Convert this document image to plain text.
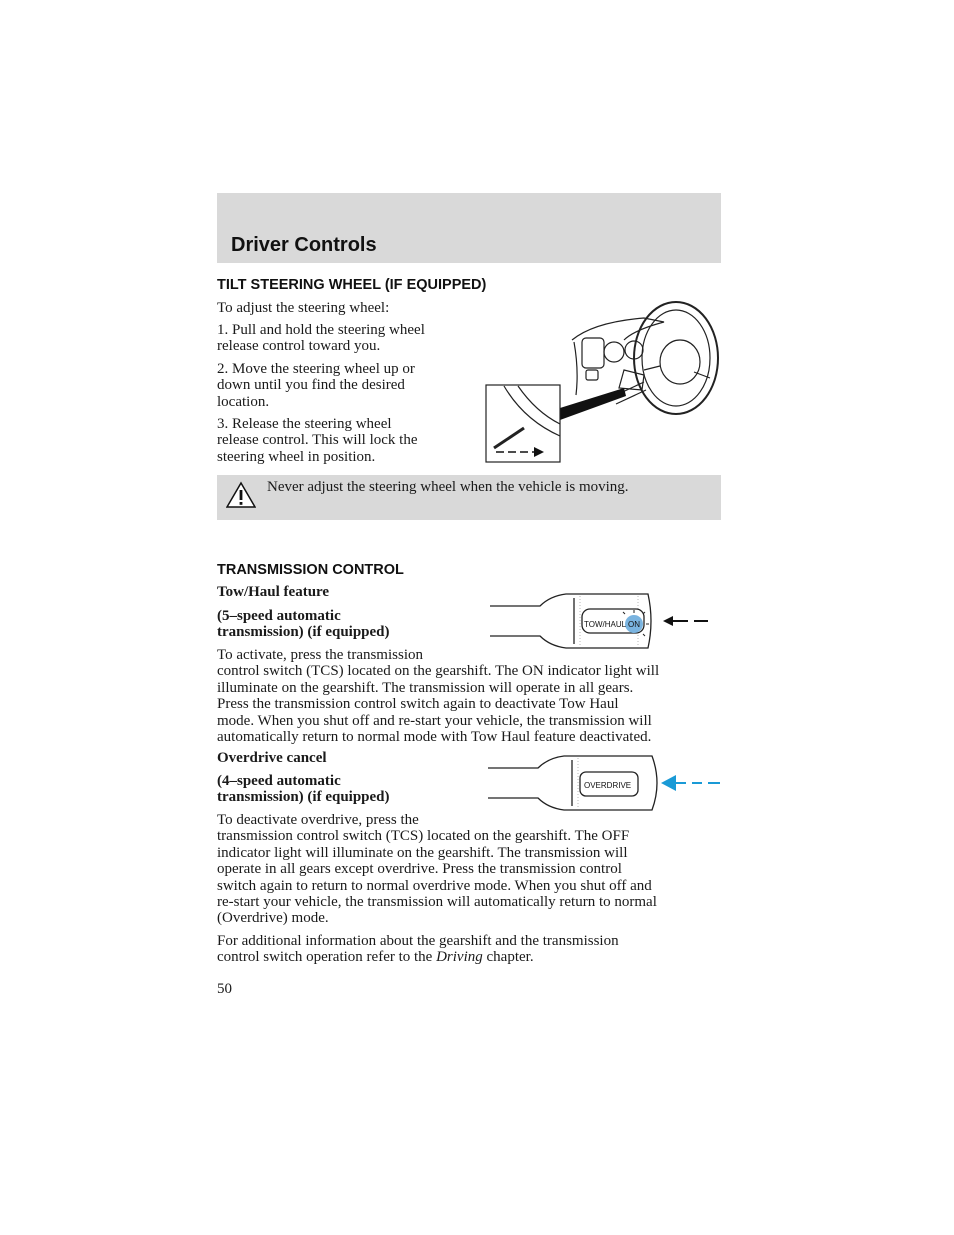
Driver Controls
TILT STEERING WHEEL (IF EQUIPPED)

To adjust the steering wheel:

1. Pull and hold the steering wheel
release control toward you.

2. Move the steering wheel up or
down until you find the desired
location.

3. Release the steering wheel
release control. This will lock the
steering wheel in position.

Never adjust the steering wheel when the vehicle is moving.

TRANSMISSION CONTROL

Tow/Haul feature

(5–speed automatic
transmission) (if equipped)	TOW/HAUL ON

To activate, press the transmission
control switch (TCS) located on the gearshift. The ON indicator light will
illuminate on the gearshift. The transmission will operate in all gears.
Press the transmission control switch again to deactivate Tow Haul
mode. When you shut off and re-start your vehicle, the transmission will
automatically return to normal mode with Tow Haul feature deactivated.

Overdrive cancel

(4–speed automatic
transmission) (if equipped)

OVERDRIVE

To deactivate overdrive, press the
transmission control switch (TCS) located on the gearshift. The OFF
indicator light will illuminate on the gearshift. The transmission will
operate in all gears except overdrive. Press the transmission control
switch again to return to normal overdrive mode. When you shut off and
re-start your vehicle, the transmission will automatically return to normal
(Overdrive) mode.

For additional information about the gearshift and the transmission
control switch operation refer to the Driving chapter.

50
